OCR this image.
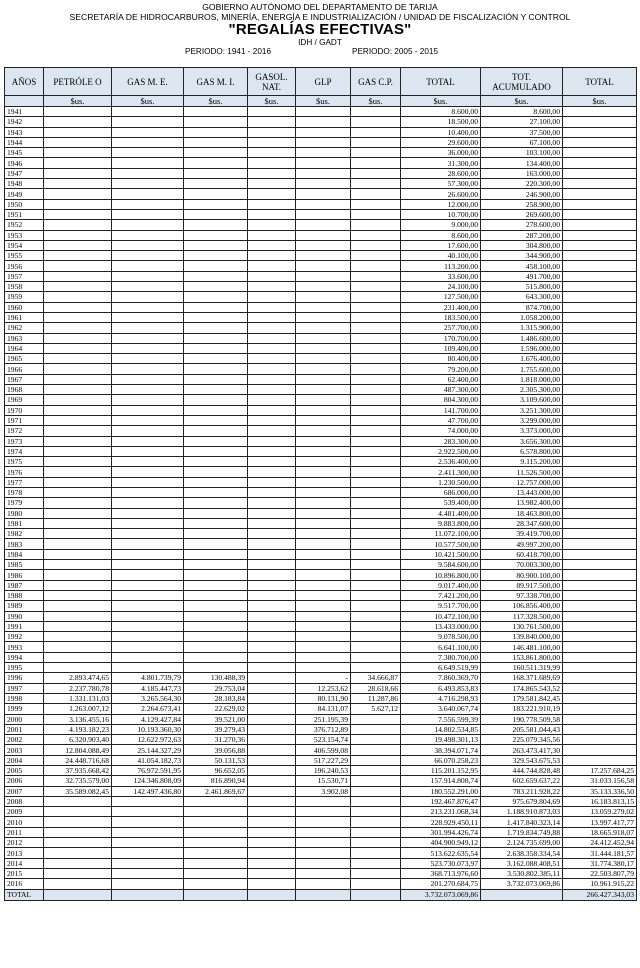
GOBIERNO AUTÓNOMO DEL DEPARTAMENTO DE TARIJA
SECRETARÍA DE HIDROCARBUROS, MINERÍA, ENERGÍA E INDUSTRIALIZACIÓN / UNIDAD DE FISCALIZACIÓN Y CONTROL
"REGALÍAS EFECTIVAS"
IDH / GADT
PERIODO: 1941 - 2016	PERIODO: 2005 - 2015
AÑOS	PETRÓLE O	GAS M. E.	GAS M. I.	GASOL. NAT.	GLP	GAS C.P.	TOTAL	TOT. ACUMULADO	TOTAL
	$us.	$us.	$us.	$us.	$us.	$us.	$us.	$us.	$us.
1941							8.600,00	8.600,00	
1942							18.500,00	27.100,00	
1943							10.400,00	37.500,00	
1944							29.600,00	67.100,00	
1945							36.000,00	103.100,00	
1946							31.300,00	134.400,00	
1947							28.600,00	163.000,00	
1948							57.300,00	220.300,00	
1949							26.600,00	246.900,00	
1950							12.000,00	258.900,00	
1951							10.700,00	269.600,00	
1952							9.000,00	278.600,00	
1953							8.600,00	287.200,00	
1954							17.600,00	304.800,00	
1955							40.100,00	344.900,00	
1956							113.200,00	458.100,00	
1957							33.600,00	491.700,00	
1958							24.100,00	515.800,00	
1959							127.500,00	643.300,00	
1960							231.400,00	874.700,00	
1961							183.500,00	1.058.200,00	
1962							257.700,00	1.315.900,00	
1963							170.700,00	1.486.600,00	
1964							109.400,00	1.596.000,00	
1965							80.400,00	1.676.400,00	
1966							79.200,00	1.755.600,00	
1967							62.400,00	1.818.000,00	
1968							487.300,00	2.305.300,00	
1969							804.300,00	3.109.600,00	
1970							141.700,00	3.251.300,00	
1971							47.700,00	3.299.000,00	
1972							74.000,00	3.373.000,00	
1973							283.300,00	3.656.300,00	
1974							2.922.500,00	6.578.800,00	
1975							2.536.400,00	9.115.200,00	
1976							2.411.300,00	11.526.500,00	
1977							1.230.500,00	12.757.000,00	
1978							686.000,00	13.443.000,00	
1979							539.400,00	13.982.400,00	
1980							4.481.400,00	18.463.800,00	
1981							9.883.800,00	28.347.600,00	
1982							11.072.100,00	39.419.700,00	
1983							10.577.500,00	49.997.200,00	
1984							10.421.500,00	60.418.700,00	
1985							9.584.600,00	70.003.300,00	
1986							10.896.800,00	80.900.100,00	
1987							9.017.400,00	89.917.500,00	
1988							7.421.200,00	97.338.700,00	
1989							9.517.700,00	106.856.400,00	
1990							10.472.100,00	117.328.500,00	
1991							13.433.000,00	130.761.500,00	
1992							9.078.500,00	139.840.000,00	
1993							6.641.100,00	146.481.100,00	
1994							7.380.700,00	153.861.800,00	
1995							6.649.519,99	160.511.319,99	
1996	2.893.474,65	4.801.739,79	130.488,39		-	34.666,87	7.860.369,70	168.371.689,69	
1997	2.237.780,78	4.185.447,73	29.753,04		12.253,62	28.618,66	6.493.853,83	174.865.543,52	
1998	1.331.131,03	3.265.564,30	28.183,84		80.131,90	11.287,86	4.716.298,93	179.581.842,45	
1999	1.263.007,12	2.264.673,41	22.629,02		84.131,07	5.627,12	3.640.067,74	183.221.910,19	
2000	3.136.455,16	4.129.427,84	39.521,00		251.195,39		7.556.599,39	190.778.509,58	
2001	4.193.182,23	10.193.360,30	39.279,43		376.712,89		14.802.534,85	205.581.044,43	
2002	6.320.903,40	12.622.972,63	31.270,36		523.154,74		19.498.301,13	225.079.345,56	
2003	12.804.088,49	25.144.327,29	39.056,88		406.599,08		38.394.071,74	263.473.417,30	
2004	24.448.716,68	41.054.182,73	50.131,53		517.227,29		66.070.258,23	329.543.675,53	
2005	37.935.668,42	76.972.591,95	96.652,05		196.240,53		115.201.152,95	444.744.828,48	17.257.684,25
2006	32.735.579,00	124.346.808,09	816.890,94		15.530,71		157.914.808,74	602.659.637,22	31.033.156,58
2007	35.589.082,45	142.497.436,80	2.461.869,67		3.902,08		180.552.291,00	783.211.928,22	35.133.336,50
2008							192.467.876,47	975.679.804,69	16.183.813,15
2009							213.231.068,34	1.188.910.873,03	13.059.279,02
2010							228.929.450,11	1.417.840.323,14	13.997.417,77
2011							301.994.426,74	1.719.834.749,88	18.665.918,07
2012							404.900.949,12	2.124.735.699,00	24.412.452,94
2013							513.622.635,54	2.638.358.334,54	31.444.181,57
2014							523.730.073,97	3.162.088.408,51	31.774.380,17
2015							368.713.976,60	3.530.802.385,11	22.503.807,79
2016							201.270.684,75	3.732.073.069,86	10.961.915,22
TOTAL							3.732.073.069,86		266.427.343,03
